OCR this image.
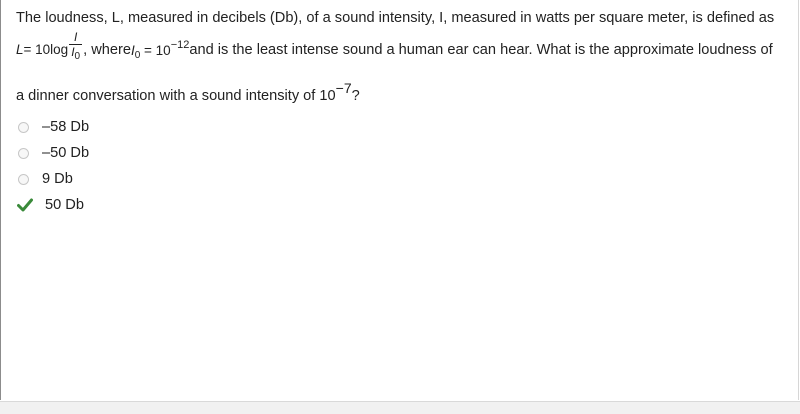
The loudness, L, measured in decibels (Db), of a sound intensity, I, measured in watts per square meter, is defined as
$L= 10\log \frac{I}{I_0}$ , where $I_0 = 10^{-12}$ and is the least intense sound a human ear can hear. What is the approximate loudness of
a dinner conversation with a sound intensity of 10−7?
–58 Db
–50 Db
9 Db
50 Db
